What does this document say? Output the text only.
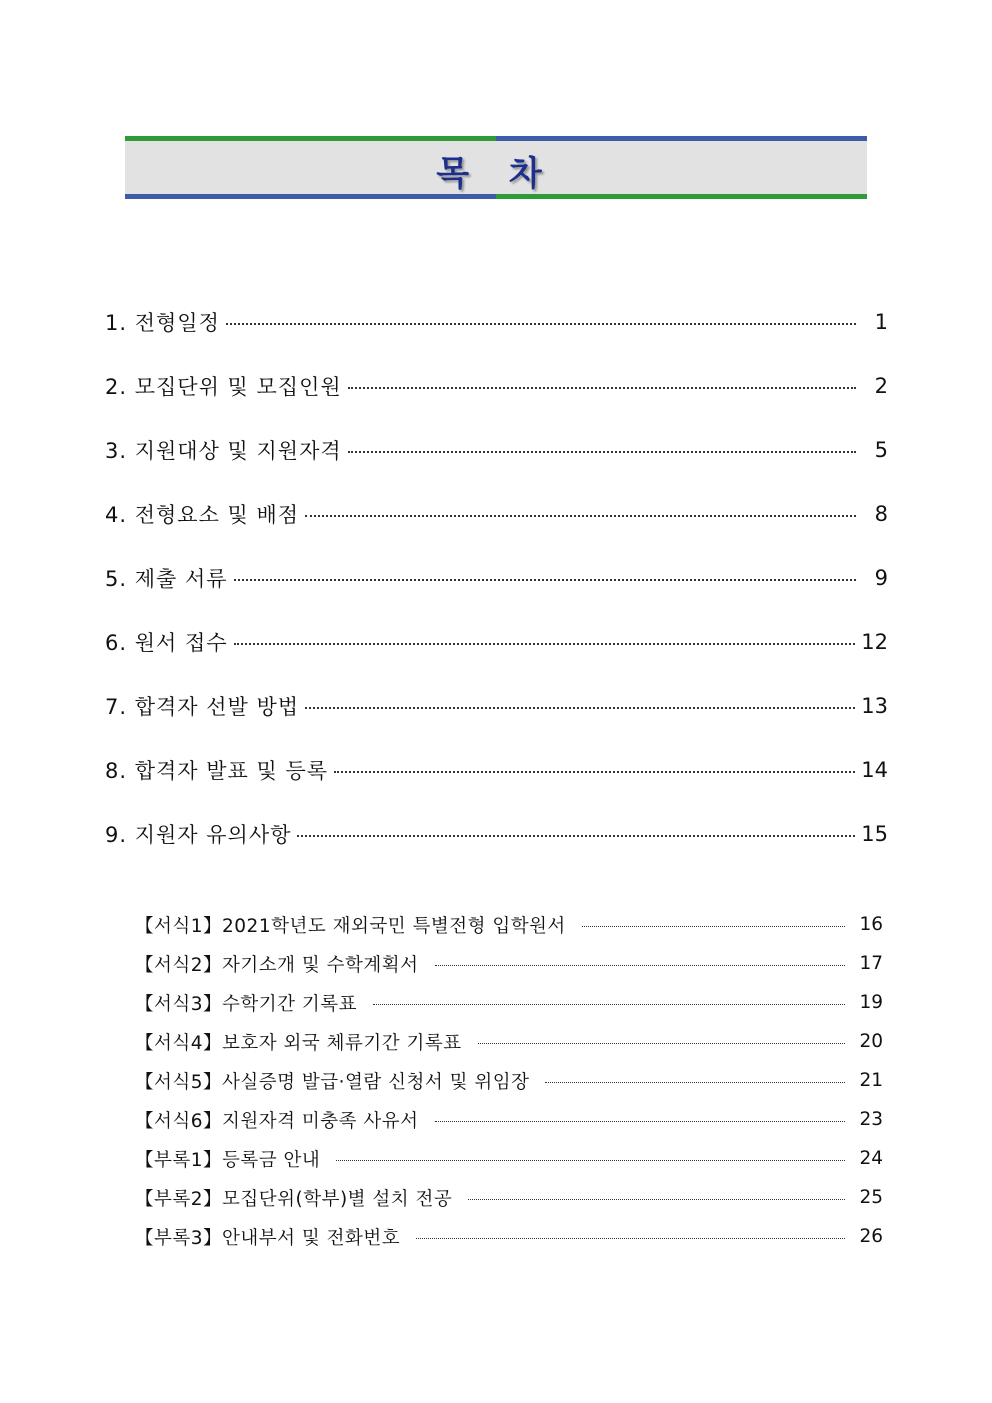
목 차
1. 전형일정	1
2. 모집단위 및 모집인원	2
3. 지원대상 및 지원자격	5
4. 전형요소 및 배점	8
5. 제출 서류	9
6. 원서 접수	12
7. 합격자 선발 방법	13
8. 합격자 발표 및 등록	14
9. 지원자 유의사항	15
【서식1】2021학년도 재외국민 특별전형 입학원서	16
【서식2】자기소개 및 수학계획서	17
【서식3】수학기간 기록표	19
【서식4】보호자 외국 체류기간 기록표	20
【서식5】사실증명 발급·열람 신청서 및 위임장	21
【서식6】지원자격 미충족 사유서	23
【부록1】등록금 안내	24
【부록2】모집단위(학부)별 설치 전공	25
【부록3】안내부서 및 전화번호	26
